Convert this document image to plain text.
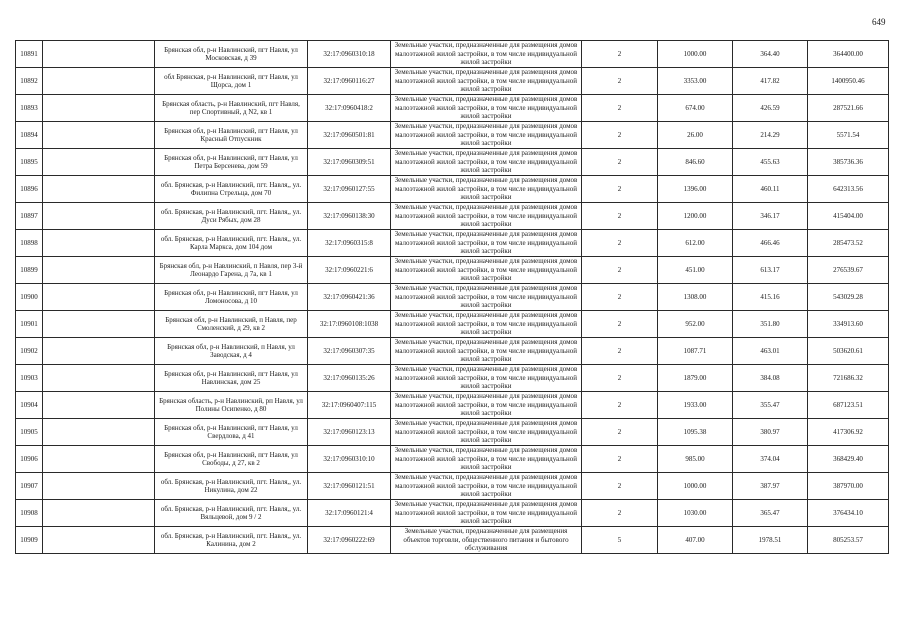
649
10891		Брянская обл, р-н Навлинский, пгт Навля, ул Московская, д 39	32:17:0960310:18	Земельные участки, предназначенные для размещения домов малоэтажной жилой застройки, в том числе индивидуальной жилой застройки	2	1000.00	364.40	364400.00
10892		обл Брянская, р-н Навлинский, пгт Навля, ул Щорса, дом 1	32:17:0960116:27	Земельные участки, предназначенные для размещения домов малоэтажной жилой застройки, в том числе индивидуальной жилой застройки	2	3353.00	417.82	1400950.46
10893		Брянская область, р-н Навлинский, пгт Навля, пер Спортивный, д N2, кв 1	32:17:0960418:2	Земельные участки, предназначенные для размещения домов малоэтажной жилой застройки, в том числе индивидуальной жилой застройки	2	674.00	426.59	287521.66
10894		Брянская обл, р-н Навлинский, пгт Навля, ул Красный Отпускник	32:17:0960501:81	Земельные участки, предназначенные для размещения домов малоэтажной жилой застройки, в том числе индивидуальной жилой застройки	2	26.00	214.29	5571.54
10895		Брянская обл, р-н Навлинский, пгт Навля, ул Петра Берсенева, дом 59	32:17:0960309:51	Земельные участки, предназначенные для размещения домов малоэтажной жилой застройки, в том числе индивидуальной жилой застройки	2	846.60	455.63	385736.36
10896		обл. Брянская, р-н Навлинский, пгт. Навля,, ул. Филипна Стрельца, дом 70	32:17:0960127:55	Земельные участки, предназначенные для размещения домов малоэтажной жилой застройки, в том числе индивидуальной жилой застройки	2	1396.00	460.11	642313.56
10897		обл. Брянская, р-н Навлинский, пгт. Навля,, ул. Дуси Рябых, дом 28	32:17:0960138:30	Земельные участки, предназначенные для размещения домов малоэтажной жилой застройки, в том числе индивидуальной жилой застройки	2	1200.00	346.17	415404.00
10898		обл. Брянская, р-н Навлинский, пгт. Навля,, ул. Карла Маркса, дом 104 дом	32:17:0960315:8	Земельные участки, предназначенные для размещения домов малоэтажной жилой застройки, в том числе индивидуальной жилой застройки	2	612.00	466.46	285473.52
10899		Брянская обл, р-н Навлинский, п Навля, пер 3-й Леонардо Гарена, д 7а, кв 1	32:17:0960221:6	Земельные участки, предназначенные для размещения домов малоэтажной жилой застройки, в том числе индивидуальной жилой застройки	2	451.00	613.17	276539.67
10900		Брянская обл, р-н Навлинский, пгт Навля, ул Ломоносова, д 10	32:17:0960421:36	Земельные участки, предназначенные для размещения домов малоэтажной жилой застройки, в том числе индивидуальной жилой застройки	2	1308.00	415.16	543029.28
10901		Брянская обл, р-н Навлинский, п Навля, пер Смоленский, д 29, кв 2	32:17:0960108:1038	Земельные участки, предназначенные для размещения домов малоэтажной жилой застройки, в том числе индивидуальной жилой застройки	2	952.00	351.80	334913.60
10902		Брянская обл, р-н Навлинский, п Навля, ул Заводская, д 4	32:17:0960307:35	Земельные участки, предназначенные для размещения домов малоэтажной жилой застройки, в том числе индивидуальной жилой застройки	2	1087.71	463.01	503620.61
10903		Брянская обл, р-н Навлинский, пгт Навля, ул Навлинская, дом 25	32:17:0960135:26	Земельные участки, предназначенные для размещения домов малоэтажной жилой застройки, в том числе индивидуальной жилой застройки	2	1879.00	384.08	721686.32
10904		Брянская область, р-н Навлинский, рп Навля, ул Полины Осипенко, д 80	32:17:0960407:115	Земельные участки, предназначенные для размещения домов малоэтажной жилой застройки, в том числе индивидуальной жилой застройки	2	1933.00	355.47	687123.51
10905		Брянская обл, р-н Навлинский, пгт Навля, ул Свердлова, д 41	32:17:0960123:13	Земельные участки, предназначенные для размещения домов малоэтажной жилой застройки, в том числе индивидуальной жилой застройки	2	1095.38	380.97	417306.92
10906		Брянская обл, р-н Навлинский, пгт Навля, ул Свободы, д 27, кв 2	32:17:0960310:10	Земельные участки, предназначенные для размещения домов малоэтажной жилой застройки, в том числе индивидуальной жилой застройки	2	985.00	374.04	368429.40
10907		обл. Брянская, р-н Навлинский, пгт. Навля,, ул. Никулина, дом 22	32:17:0960121:51	Земельные участки, предназначенные для размещения домов малоэтажной жилой застройки, в том числе индивидуальной жилой застройки	2	1000.00	387.97	387970.00
10908		обл. Брянская, р-н Навлинский, пгт. Навля,, ул. Вяльцевой, дом 9 / 2	32:17:0960121:4	Земельные участки, предназначенные для размещения домов малоэтажной жилой застройки, в том числе индивидуальной жилой застройки	2	1030.00	365.47	376434.10
10909		обл. Брянская, р-н Навлинский, пгт. Навля,, ул. Калинина, дом 2	32:17:0960222:69	Земельные участки, предназначенные для размещения объектов торговли, общественного питания и бытового обслуживания	5	407.00	1978.51	805253.57
